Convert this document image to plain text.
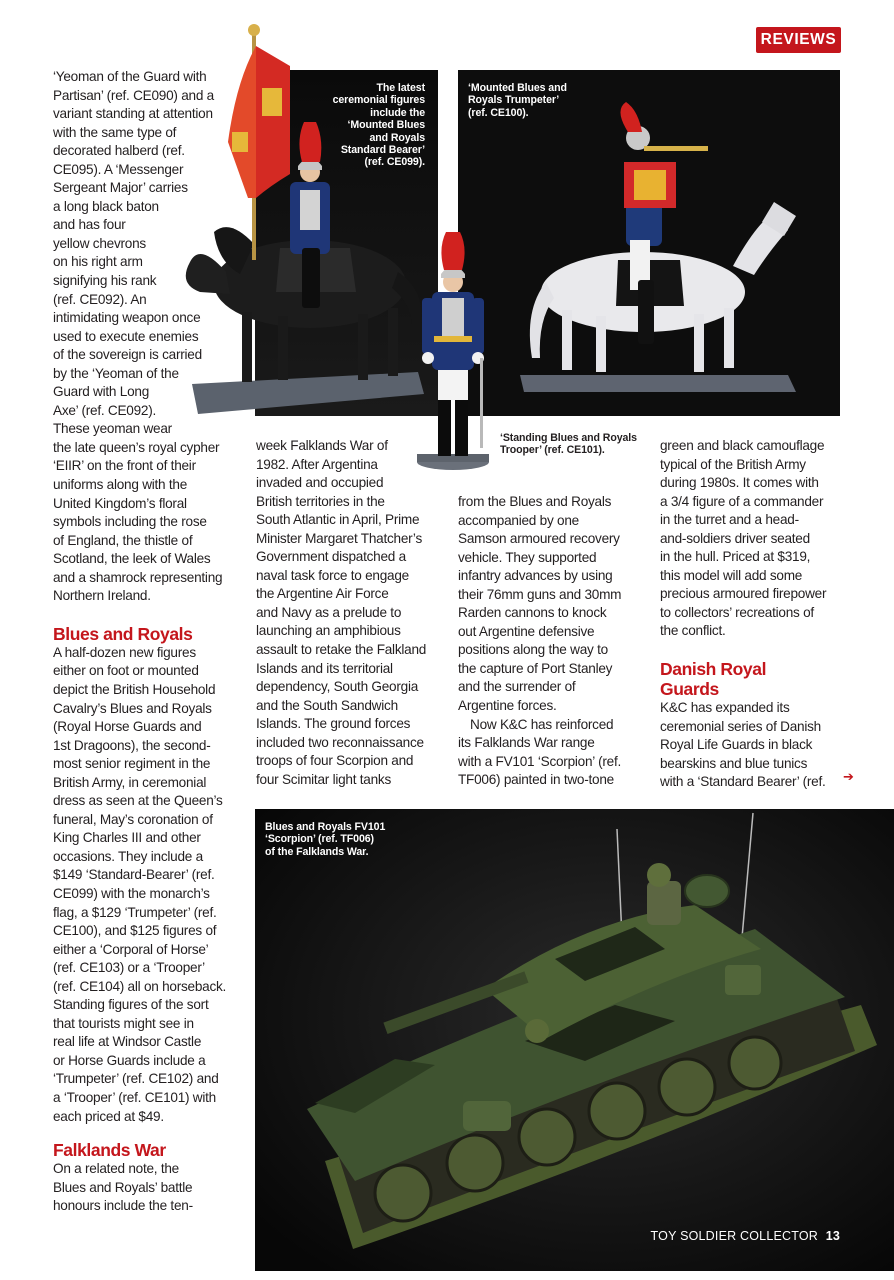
REVIEWS
The latest
ceremonial figures
include the
‘Mounted Blues
and Royals
Standard Bearer’
(ref. CE099).
‘Mounted Blues and
Royals Trumpeter’
(ref. CE100).
‘Standing Blues and Royals
Trooper’ (ref. CE101).
Blues and Royals FV101
‘Scorpion’ (ref. TF006)
of the Falklands War.

‘Yeoman of the Guard with
Partisan’ (ref. CE090) and a
variant standing at attention
with the same type of
decorated halberd (ref.
CE095). A ‘Messenger
Sergeant Major’ carries
a long black baton
and has four
yellow chevrons
on his right arm
signifying his rank
(ref. CE092). An
intimidating weapon once
used to execute enemies
of the sovereign is carried
by the ‘Yeoman of the
Guard with Long
Axe’ (ref. CE092).
These yeoman wear
the late queen’s royal cypher
‘EIIR’ on the front of their
uniforms along with the
United Kingdom’s floral
symbols including the rose
of England, the thistle of
Scotland, the leek of Wales
and a shamrock representing
Northern Ireland.

Blues and Royals

A half-dozen new figures
either on foot or mounted
depict the British Household
Cavalry’s Blues and Royals
(Royal Horse Guards and
1st Dragoons), the second-
most senior regiment in the
British Army, in ceremonial
dress as seen at the Queen’s
funeral, May’s coronation of
King Charles III and other
occasions. They include a
$149 ‘Standard-Bearer’ (ref.
CE099) with the monarch’s
flag, a $129 ‘Trumpeter’ (ref.
CE100), and $125 figures of
either a ‘Corporal of Horse’
(ref. CE103) or a ‘Trooper’
(ref. CE104) all on horseback.
Standing figures of the sort
that tourists might see in
real life at Windsor Castle
or Horse Guards include a
‘Trumpeter’ (ref. CE102) and
a ‘Trooper’ (ref. CE101) with
each priced at $49.

Falklands War

On a related note, the
Blues and Royals’ battle
honours include the ten-

week Falklands War of
1982. After Argentina
invaded and occupied
British territories in the
South Atlantic in April, Prime
Minister Margaret Thatcher’s
Government dispatched a
naval task force to engage
the Argentine Air Force
and Navy as a prelude to
launching an amphibious
assault to retake the Falkland
Islands and its territorial
dependency, South Georgia
and the South Sandwich
Islands. The ground forces
included two reconnaissance
troops of four Scorpion and
four Scimitar light tanks

from the Blues and Royals
accompanied by one
Samson armoured recovery
vehicle. They supported
infantry advances by using
their 76mm guns and 30mm
Rarden cannons to knock
out Argentine defensive
positions along the way to
the capture of Port Stanley
and the surrender of
Argentine forces.

Now K&C has reinforced
its Falklands War range
with a FV101 ‘Scorpion’ (ref.
TF006) painted in two-tone

green and black camouflage
typical of the British Army
during 1980s. It comes with
a 3/4 figure of a commander
in the turret and a head-
and-soldiers driver seated
in the hull. Priced at $319,
this model will add some
precious armoured firepower
to collectors’ recreations of
the conflict.

Danish Royal
Guards

K&C has expanded its
ceremonial series of Danish
Royal Life Guards in black
bearskins and blue tunics
with a ‘Standard Bearer’ (ref.	➔
TOY SOLDIER COLLECTOR 13
